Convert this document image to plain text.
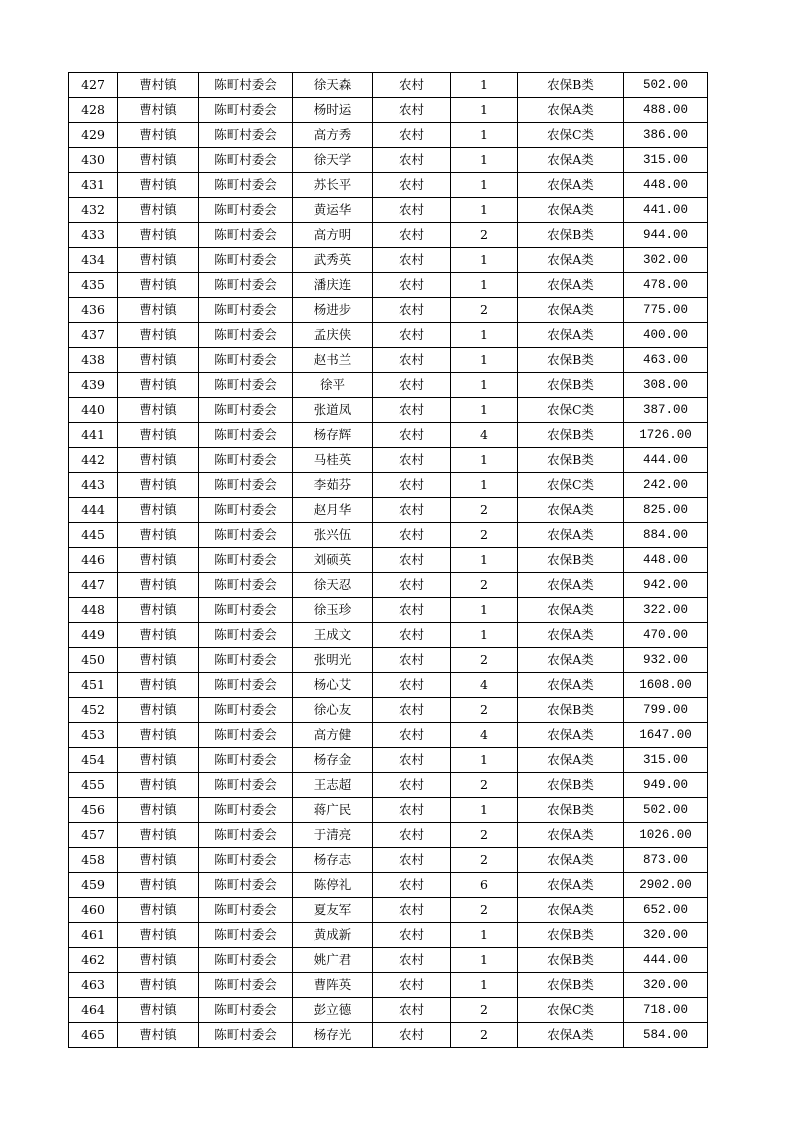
427	曹村镇	陈町村委会	徐天森	农村	1	农保B类	502.00
428	曹村镇	陈町村委会	杨时运	农村	1	农保A类	488.00
429	曹村镇	陈町村委会	高方秀	农村	1	农保C类	386.00
430	曹村镇	陈町村委会	徐天学	农村	1	农保A类	315.00
431	曹村镇	陈町村委会	苏长平	农村	1	农保A类	448.00
432	曹村镇	陈町村委会	黄运华	农村	1	农保A类	441.00
433	曹村镇	陈町村委会	高方明	农村	2	农保B类	944.00
434	曹村镇	陈町村委会	武秀英	农村	1	农保A类	302.00
435	曹村镇	陈町村委会	潘庆连	农村	1	农保A类	478.00
436	曹村镇	陈町村委会	杨进步	农村	2	农保A类	775.00
437	曹村镇	陈町村委会	孟庆侠	农村	1	农保A类	400.00
438	曹村镇	陈町村委会	赵书兰	农村	1	农保B类	463.00
439	曹村镇	陈町村委会	徐平	农村	1	农保B类	308.00
440	曹村镇	陈町村委会	张道凤	农村	1	农保C类	387.00
441	曹村镇	陈町村委会	杨存辉	农村	4	农保B类	1726.00
442	曹村镇	陈町村委会	马桂英	农村	1	农保B类	444.00
443	曹村镇	陈町村委会	李茹芬	农村	1	农保C类	242.00
444	曹村镇	陈町村委会	赵月华	农村	2	农保A类	825.00
445	曹村镇	陈町村委会	张兴伍	农村	2	农保A类	884.00
446	曹村镇	陈町村委会	刘硕英	农村	1	农保B类	448.00
447	曹村镇	陈町村委会	徐天忍	农村	2	农保A类	942.00
448	曹村镇	陈町村委会	徐玉珍	农村	1	农保A类	322.00
449	曹村镇	陈町村委会	王成文	农村	1	农保A类	470.00
450	曹村镇	陈町村委会	张明光	农村	2	农保A类	932.00
451	曹村镇	陈町村委会	杨心艾	农村	4	农保A类	1608.00
452	曹村镇	陈町村委会	徐心友	农村	2	农保B类	799.00
453	曹村镇	陈町村委会	高方健	农村	4	农保A类	1647.00
454	曹村镇	陈町村委会	杨存金	农村	1	农保A类	315.00
455	曹村镇	陈町村委会	王志超	农村	2	农保B类	949.00
456	曹村镇	陈町村委会	蒋广民	农村	1	农保B类	502.00
457	曹村镇	陈町村委会	于清亮	农村	2	农保A类	1026.00
458	曹村镇	陈町村委会	杨存志	农村	2	农保A类	873.00
459	曹村镇	陈町村委会	陈停礼	农村	6	农保A类	2902.00
460	曹村镇	陈町村委会	夏友军	农村	2	农保A类	652.00
461	曹村镇	陈町村委会	黄成新	农村	1	农保B类	320.00
462	曹村镇	陈町村委会	姚广君	农村	1	农保B类	444.00
463	曹村镇	陈町村委会	曹阵英	农村	1	农保B类	320.00
464	曹村镇	陈町村委会	彭立德	农村	2	农保C类	718.00
465	曹村镇	陈町村委会	杨存光	农村	2	农保A类	584.00
